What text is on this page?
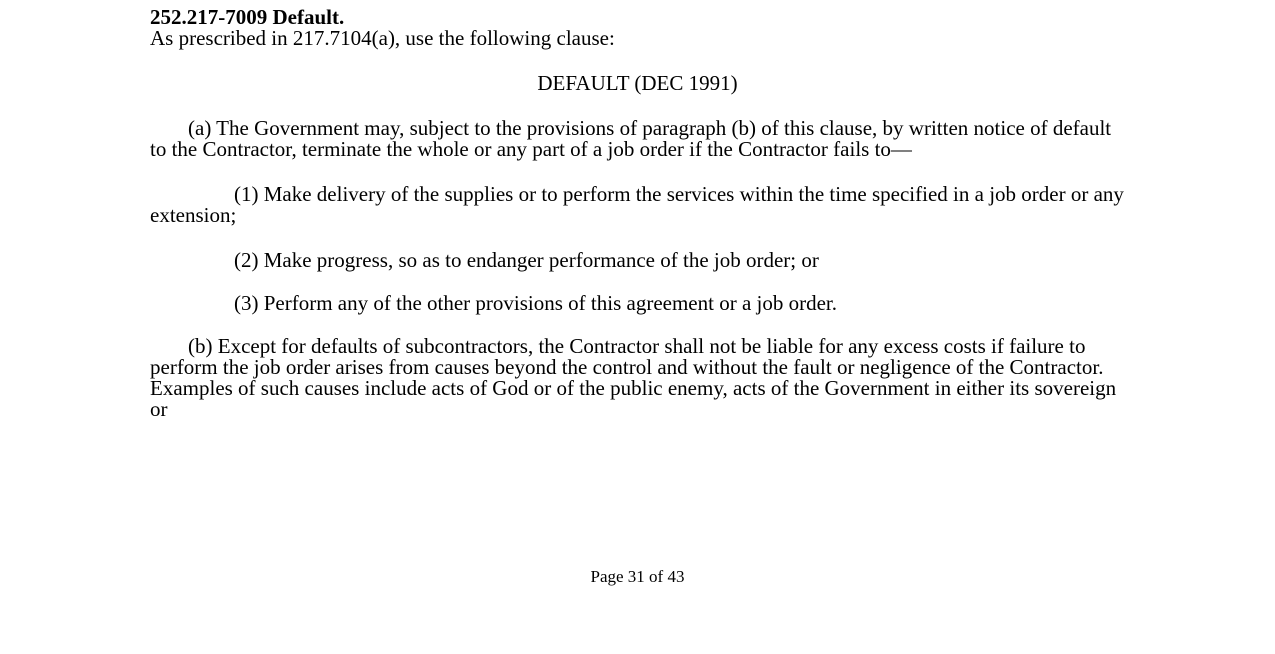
252.217-7009 Default.

As prescribed in 217.7104(a), use the following clause:

DEFAULT (DEC 1991)

(a) The Government may, subject to the provisions of paragraph (b) of this clause, by written notice of default to the Contractor, terminate the whole or any part of a job order if the Contractor fails to—

(1) Make delivery of the supplies or to perform the services within the time specified in a job order or any extension;

(2) Make progress, so as to endanger performance of the job order; or

(3) Perform any of the other provisions of this agreement or a job order.

(b) Except for defaults of subcontractors, the Contractor shall not be liable for any excess costs if failure to perform the job order arises from causes beyond the control and without the fault or negligence of the Contractor. Examples of such causes include acts of God or of the public enemy, acts of the Government in either its sovereign or

Page 31 of 43
